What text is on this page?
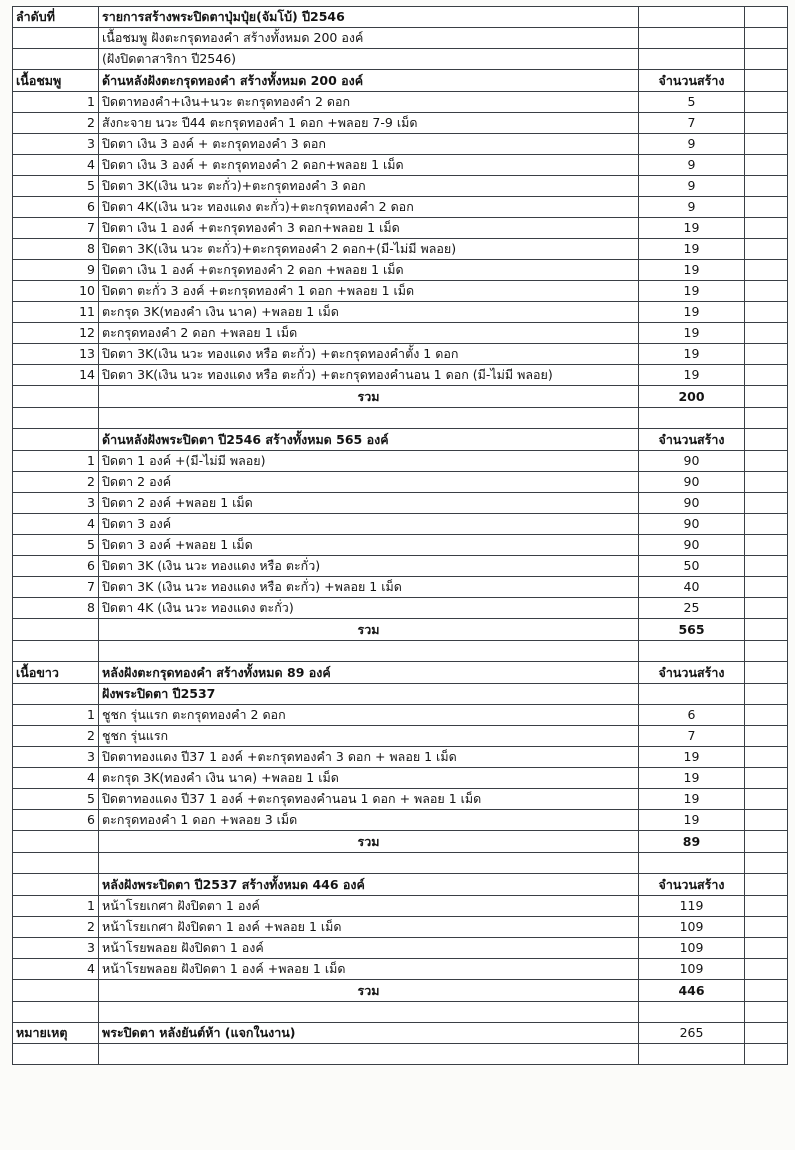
ลำดับที่	รายการสร้างพระปิดตาปุ่มปุ๋ย(จัมโบ้) ปี2546		
	เนื้อชมพู ฝังตะกรุดทองคำ สร้างทั้งหมด 200 องค์		
	(ฝังปิดตาสาริกา ปี2546)		
เนื้อชมพู	ด้านหลังฝังตะกรุดทองคำ สร้างทั้งหมด 200 องค์	จำนวนสร้าง	
1	ปิดตาทองคำ+เงิน+นวะ ตะกรุดทองคำ 2 ดอก	5	
2	สังกะจาย นวะ ปี44 ตะกรุดทองคำ 1 ดอก +พลอย 7-9 เม็ด	7	
3	ปิดตา เงิน 3 องค์ + ตะกรุดทองคำ 3 ดอก	9	
4	ปิดตา เงิน 3 องค์ + ตะกรุดทองคำ 2 ดอก+พลอย 1 เม็ด	9	
5	ปิดตา 3K(เงิน นวะ ตะกั่ว)+ตะกรุดทองคำ 3 ดอก	9	
6	ปิดตา 4K(เงิน นวะ ทองแดง ตะกั่ว)+ตะกรุดทองคำ 2 ดอก	9	
7	ปิดตา เงิน 1 องค์ +ตะกรุดทองคำ 3 ดอก+พลอย 1 เม็ด	19	
8	ปิดตา 3K(เงิน นวะ ตะกั่ว)+ตะกรุดทองคำ 2 ดอก+(มี-ไม่มี พลอย)	19	
9	ปิดตา เงิน 1 องค์ +ตะกรุดทองคำ 2 ดอก +พลอย 1 เม็ด	19	
10	ปิดตา ตะกั่ว 3 องค์ +ตะกรุดทองคำ 1 ดอก +พลอย 1 เม็ด	19	
11	ตะกรุด 3K(ทองคำ เงิน นาค) +พลอย 1 เม็ด	19	
12	ตะกรุดทองคำ 2 ดอก +พลอย 1 เม็ด	19	
13	ปิดตา 3K(เงิน นวะ ทองแดง หรือ ตะกั่ว) +ตะกรุดทองคำตั้ง 1 ดอก	19	
14	ปิดตา 3K(เงิน นวะ ทองแดง หรือ ตะกั่ว) +ตะกรุดทองคำนอน 1 ดอก (มี-ไม่มี พลอย)	19	
	รวม	200	

	ด้านหลังฝังพระปิดตา ปี2546 สร้างทั้งหมด 565 องค์	จำนวนสร้าง	
1	ปิดตา 1 องค์ +(มี-ไม่มี พลอย)	90	
2	ปิดตา 2 องค์	90	
3	ปิดตา 2 องค์ +พลอย 1 เม็ด	90	
4	ปิดตา 3 องค์	90	
5	ปิดตา 3 องค์ +พลอย 1 เม็ด	90	
6	ปิดตา 3K (เงิน นวะ ทองแดง หรือ ตะกั่ว)	50	
7	ปิดตา 3K (เงิน นวะ ทองแดง หรือ ตะกั่ว) +พลอย 1 เม็ด	40	
8	ปิดตา 4K (เงิน นวะ ทองแดง ตะกั่ว)	25	
	รวม	565	

เนื้อขาว	หลังฝังตะกรุดทองคำ สร้างทั้งหมด 89 องค์	จำนวนสร้าง	
	ฝังพระปิดตา ปี2537		
1	ชูชก รุ่นแรก ตะกรุดทองคำ 2 ดอก	6	
2	ชูชก รุ่นแรก	7	
3	ปิดตาทองแดง ปี37 1 องค์ +ตะกรุดทองคำ 3 ดอก + พลอย 1 เม็ด	19	
4	ตะกรุด 3K(ทองคำ เงิน นาค) +พลอย 1 เม็ด	19	
5	ปิดตาทองแดง ปี37 1 องค์ +ตะกรุดทองคำนอน 1 ดอก + พลอย 1 เม็ด	19	
6	ตะกรุดทองคำ 1 ดอก +พลอย 3 เม็ด	19	
	รวม	89	

	หลังฝังพระปิดตา ปี2537 สร้างทั้งหมด 446 องค์	จำนวนสร้าง	
1	หน้าโรยเกศา ฝังปิดตา 1 องค์	119	
2	หน้าโรยเกศา ฝังปิดตา 1 องค์ +พลอย 1 เม็ด	109	
3	หน้าโรยพลอย ฝังปิดตา 1 องค์	109	
4	หน้าโรยพลอย ฝังปิดตา 1 องค์ +พลอย 1 เม็ด	109	
	รวม	446	

หมายเหตุ	พระปิดตา หลังยันต์ห้า (แจกในงาน)	265	
